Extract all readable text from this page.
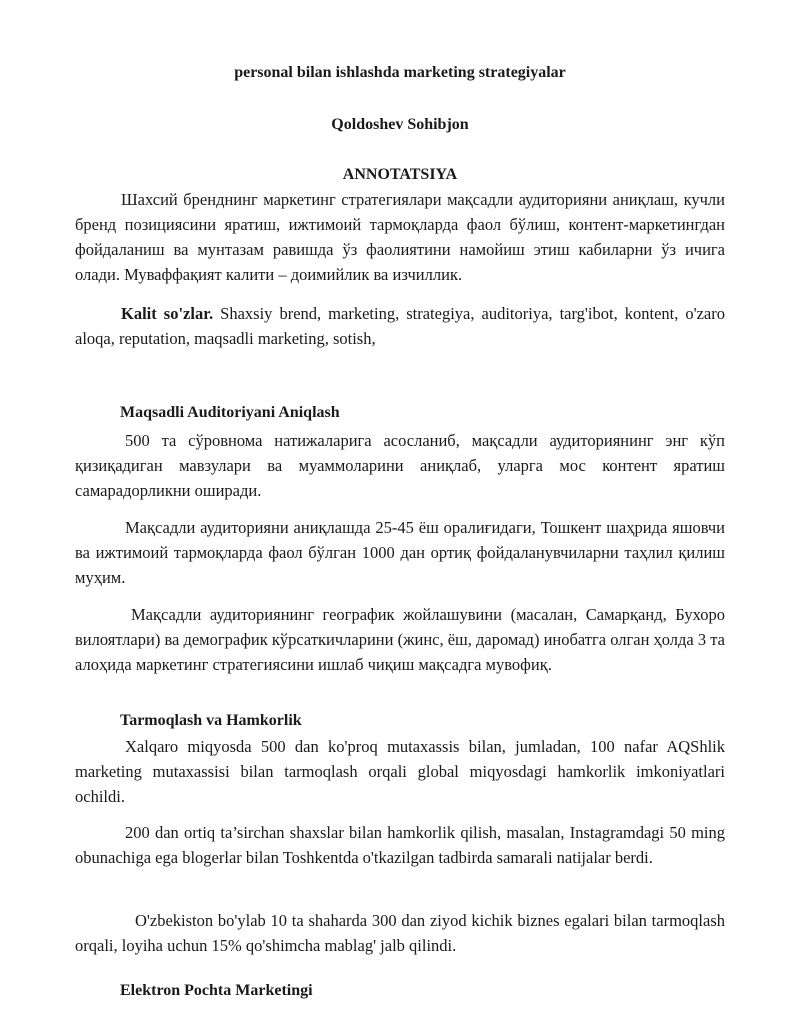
personal bilan ishlashda marketing strategiyalar

Qoldoshev Sohibjon

ANNOTATSIYA

Шахсий бренднинг маркетинг стратегиялари мақсадли аудиторияни аниқлаш, кучли бренд позициясини яратиш, ижтимоий тармоқларда фаол бўлиш, контент-маркетингдан фойдаланиш ва мунтазам равишда ўз фаолиятини намойиш этиш кабиларни ўз ичига олади. Муваффақият калити – доимийлик ва изчиллик.

Kalit so'zlar. Shaxsiy brend, marketing, strategiya, auditoriya, targ'ibot, kontent, o'zaro aloqa, reputation, maqsadli marketing, sotish,

Maqsadli Auditoriyani Aniqlash

500 та сўровнома натижаларига асосланиб, мақсадли аудиториянинг энг кўп қизиқадиган мавзулари ва муаммоларини аниқлаб, уларга мос контент яратиш самарадорликни оширади.

Мақсадли аудиторияни аниқлашда 25-45 ёш оралиғидаги, Тошкент шаҳрида яшовчи ва ижтимоий тармоқларда фаол бўлган 1000 дан ортиқ фойдаланувчиларни таҳлил қилиш муҳим.

Мақсадли аудиториянинг географик жойлашувини (масалан, Самарқанд, Бухоро вилоятлари) ва демографик кўрсаткичларини (жинс, ёш, даромад) инобатга олган ҳолда 3 та алоҳида маркетинг стратегиясини ишлаб чиқиш мақсадга мувофиқ.

Tarmoqlash va Hamkorlik

Xalqaro miqyosda 500 dan ko'proq mutaxassis bilan, jumladan, 100 nafar AQShlik marketing mutaxassisi bilan tarmoqlash orqali global miqyosdagi hamkorlik imkoniyatlari ochildi.

200 dan ortiq ta’sirchan shaxslar bilan hamkorlik qilish, masalan, Instagramdagi 50 ming obunachiga ega blogerlar bilan Toshkentda o'tkazilgan tadbirda samarali natijalar berdi.

O'zbekiston bo'ylab 10 ta shaharda 300 dan ziyod kichik biznes egalari bilan tarmoqlash orqali, loyiha uchun 15% qo'shimcha mablag' jalb qilindi.

Elektron Pochta Marketingi
